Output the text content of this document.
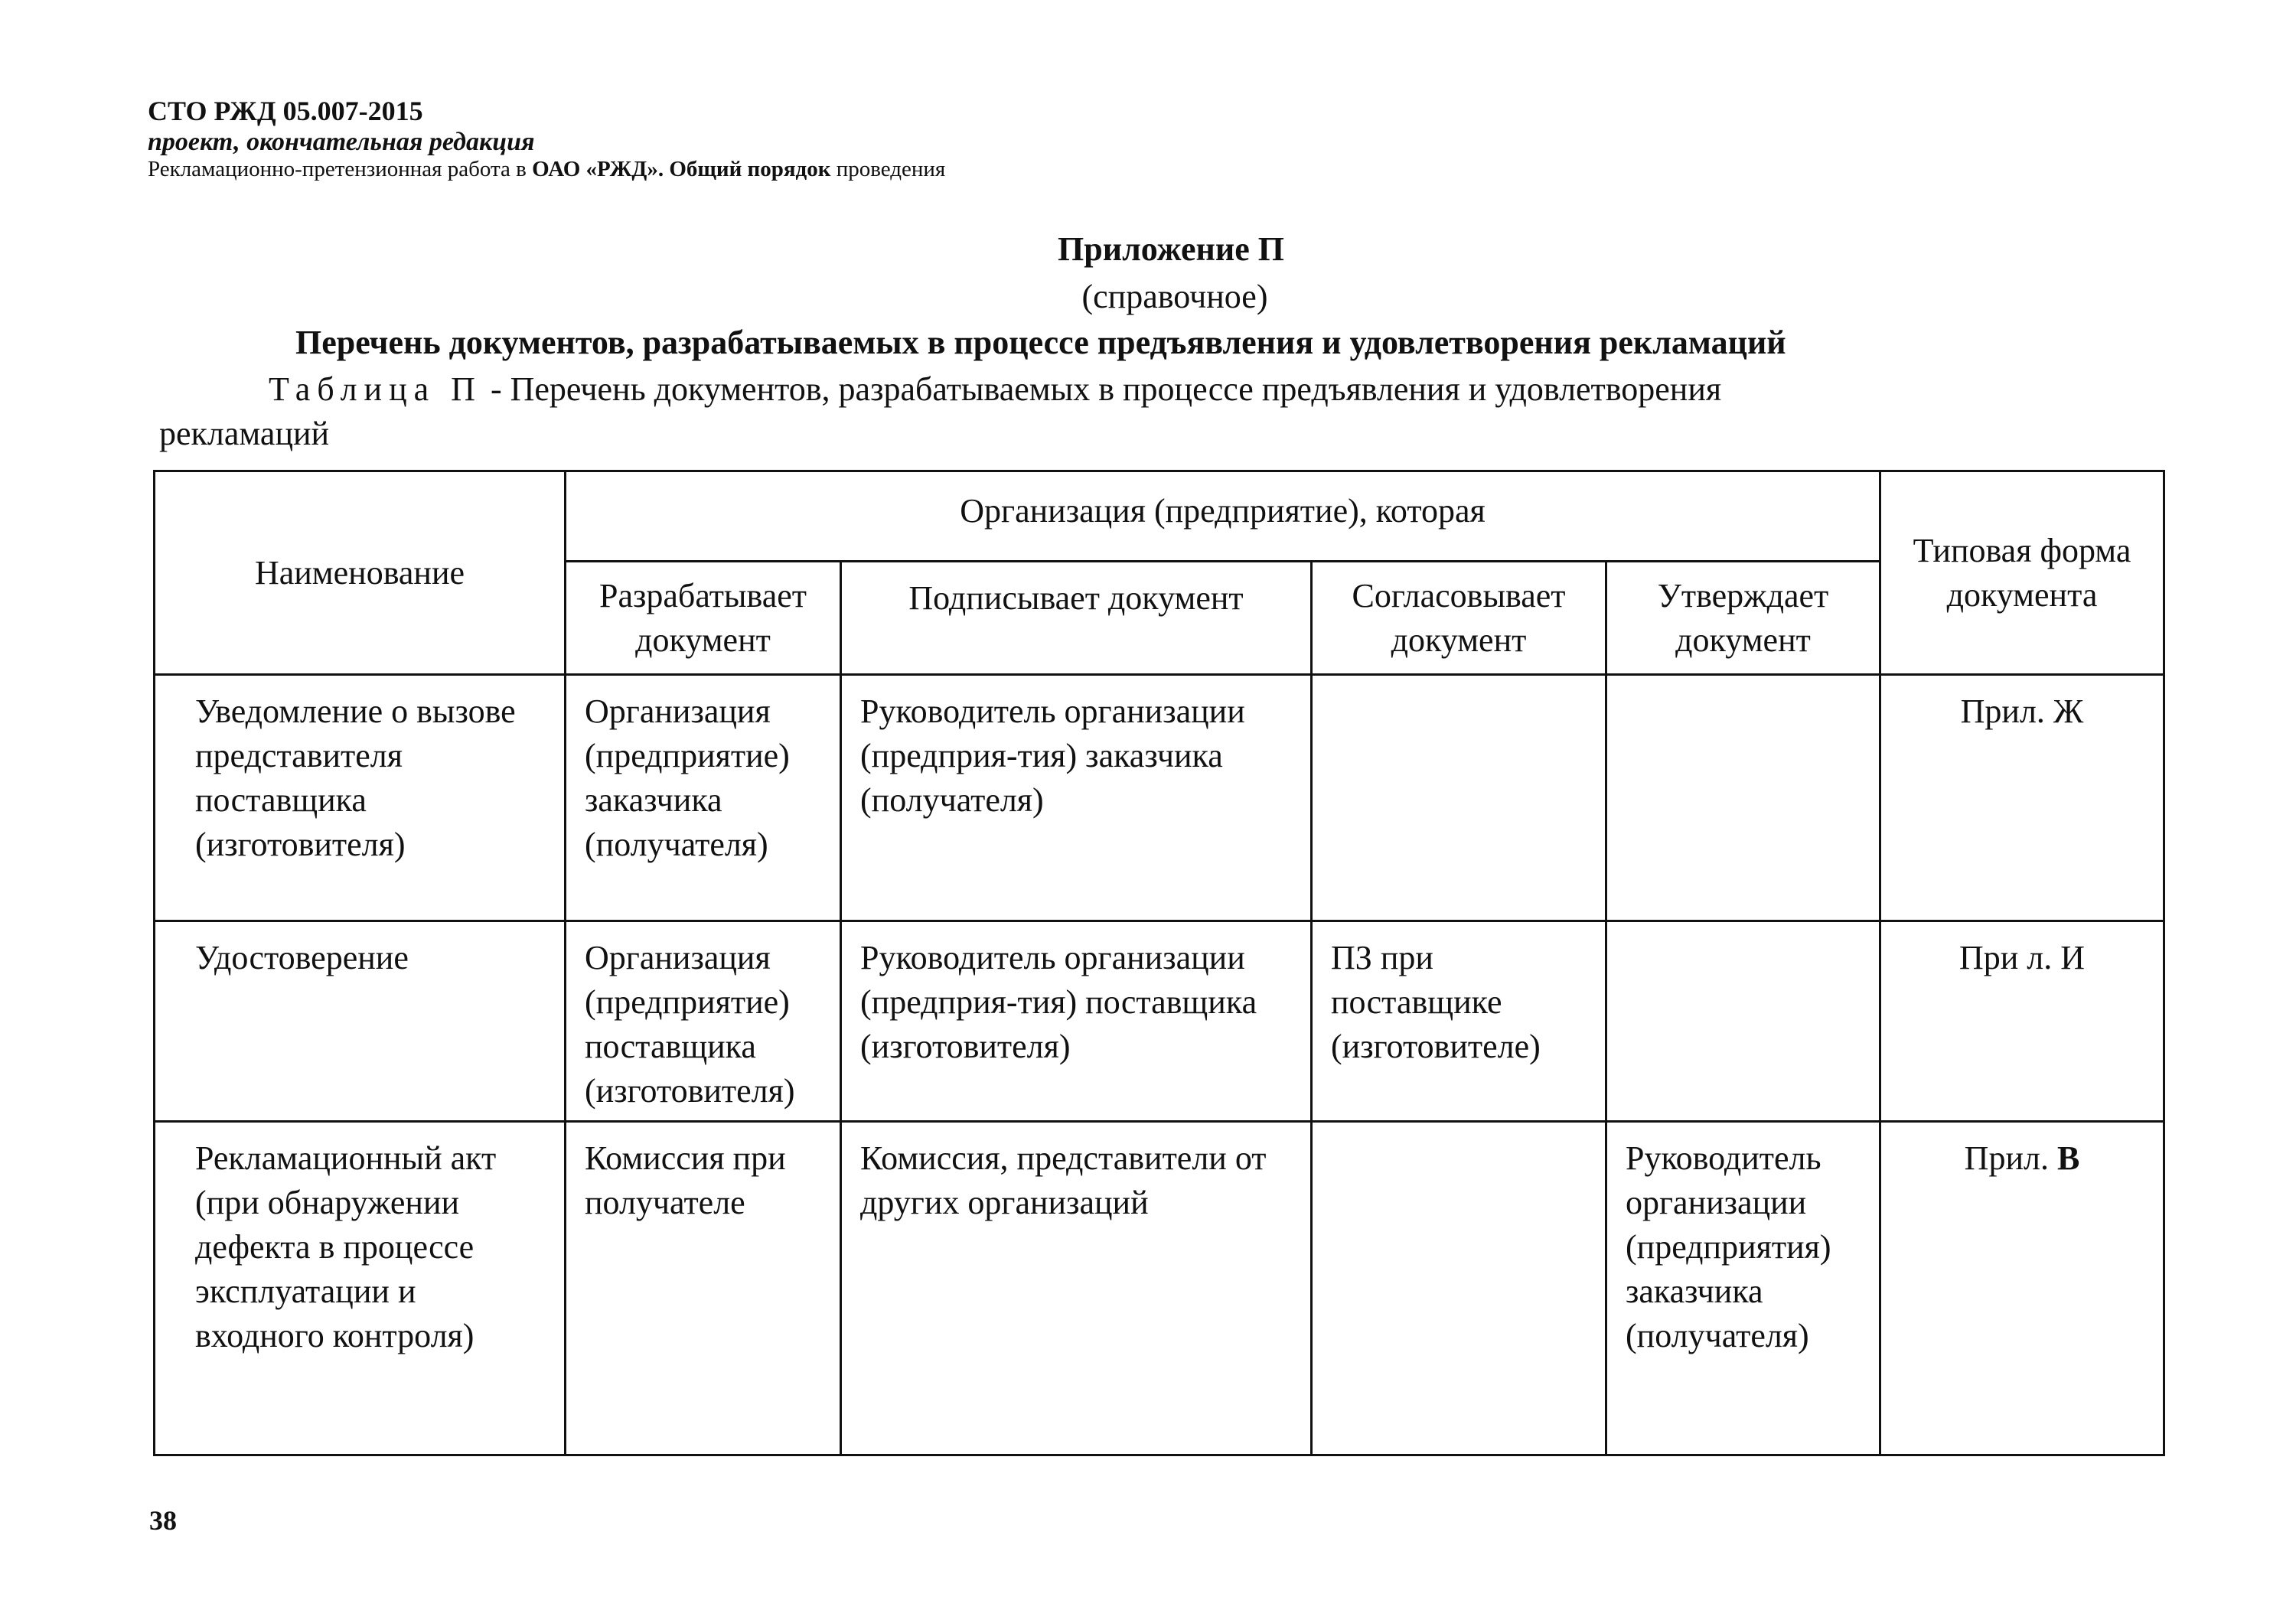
СТО РЖД 05.007-2015
проект, окончательная редакция
Рекламационно-претензионная работа в ОАО «РЖД». Общий порядок проведения
Приложение П
(справочное)
Перечень документов, разрабатываемых в процессе предъявления и удовлетворения рекламаций
Таблица П - Перечень документов, разрабатываемых в процессе предъявления и удовлетворения рекламаций
Наименование	Организация (предприятие), которая				Типовая форма документа
	Разрабатывает документ	Подписывает документ	Согласовывает документ	Утверждает документ	
Уведомление о вызове представителя поставщика (изготовителя)	Организация (предприятие) заказчика (получателя)	Руководитель организации (предприя-тия) заказчика (получателя)			Прил. Ж
Удостоверение	Организация (предприятие) поставщика (изготовителя)	Руководитель организации (предприя-тия) поставщика (изготовителя)	ПЗ при поставщике (изготовителе)		При л. И
Рекламационный акт (при обнаружении дефекта в процессе эксплуатации и входного контроля)	Комиссия при получателе	Комиссия, представители от других организаций		Руководитель организации (предприятия) заказчика (получателя)	Прил. В
38
